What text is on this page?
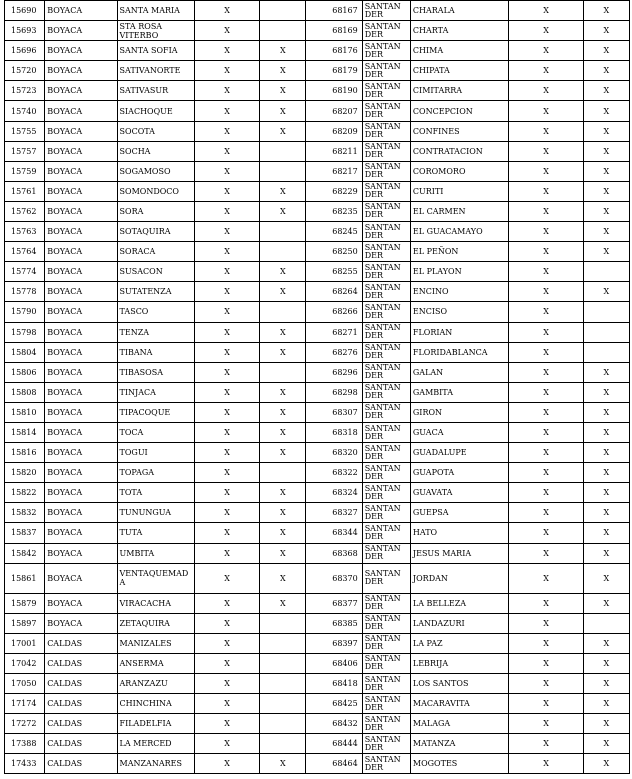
15690	BOYACA	SANTA MARIA	X		68167	SANTAN DER	CHARALA	X	X
15693	BOYACA	STA ROSA VITERBO	X		68169	SANTAN DER	CHARTA	X	X
15696	BOYACA	SANTA SOFIA	X	X	68176	SANTAN DER	CHIMA	X	X
15720	BOYACA	SATIVANORTE	X	X	68179	SANTAN DER	CHIPATA	X	X
15723	BOYACA	SATIVASUR	X	X	68190	SANTAN DER	CIMITARRA	X	X
15740	BOYACA	SIACHOQUE	X	X	68207	SANTAN DER	CONCEPCION	X	X
15755	BOYACA	SOCOTA	X	X	68209	SANTAN DER	CONFINES	X	X
15757	BOYACA	SOCHA	X		68211	SANTAN DER	CONTRATACION	X	X
15759	BOYACA	SOGAMOSO	X		68217	SANTAN DER	COROMORO	X	X
15761	BOYACA	SOMONDOCO	X	X	68229	SANTAN DER	CURITI	X	X
15762	BOYACA	SORA	X	X	68235	SANTAN DER	EL CARMEN	X	X
15763	BOYACA	SOTAQUIRA	X		68245	SANTAN DER	EL GUACAMAYO	X	X
15764	BOYACA	SORACA	X		68250	SANTAN DER	EL PEÑON	X	X
15774	BOYACA	SUSACON	X	X	68255	SANTAN DER	EL PLAYON	X	
15778	BOYACA	SUTATENZA	X	X	68264	SANTAN DER	ENCINO	X	X
15790	BOYACA	TASCO	X		68266	SANTAN DER	ENCISO	X	
15798	BOYACA	TENZA	X	X	68271	SANTAN DER	FLORIAN	X	
15804	BOYACA	TIBANA	X	X	68276	SANTAN DER	FLORIDABLANCA	X	
15806	BOYACA	TIBASOSA	X		68296	SANTAN DER	GALAN	X	X
15808	BOYACA	TINJACA	X	X	68298	SANTAN DER	GAMBITA	X	X
15810	BOYACA	TIPACOQUE	X	X	68307	SANTAN DER	GIRON	X	X
15814	BOYACA	TOCA	X	X	68318	SANTAN DER	GUACA	X	X
15816	BOYACA	TOGUI	X	X	68320	SANTAN DER	GUADALUPE	X	X
15820	BOYACA	TOPAGA	X		68322	SANTAN DER	GUAPOTA	X	X
15822	BOYACA	TOTA	X	X	68324	SANTAN DER	GUAVATA	X	X
15832	BOYACA	TUNUNGUA	X	X	68327	SANTAN DER	GUEPSA	X	X
15837	BOYACA	TUTA	X	X	68344	SANTAN DER	HATO	X	X
15842	BOYACA	UMBITA	X	X	68368	SANTAN DER	JESUS MARIA	X	X
15861	BOYACA	VENTAQUEMAD A	X	X	68370	SANTAN DER	JORDAN	X	X
15879	BOYACA	VIRACACHA	X	X	68377	SANTAN DER	LA BELLEZA	X	X
15897	BOYACA	ZETAQUIRA	X		68385	SANTAN DER	LANDAZURI	X	
17001	CALDAS	MANIZALES	X		68397	SANTAN DER	LA PAZ	X	X
17042	CALDAS	ANSERMA	X		68406	SANTAN DER	LEBRIJA	X	X
17050	CALDAS	ARANZAZU	X		68418	SANTAN DER	LOS SANTOS	X	X
17174	CALDAS	CHINCHINA	X		68425	SANTAN DER	MACARAVITA	X	X
17272	CALDAS	FILADELFIA	X		68432	SANTAN DER	MALAGA	X	X
17388	CALDAS	LA MERCED	X		68444	SANTAN DER	MATANZA	X	X
17433	CALDAS	MANZANARES	X	X	68464	SANTAN DER	MOGOTES	X	X
